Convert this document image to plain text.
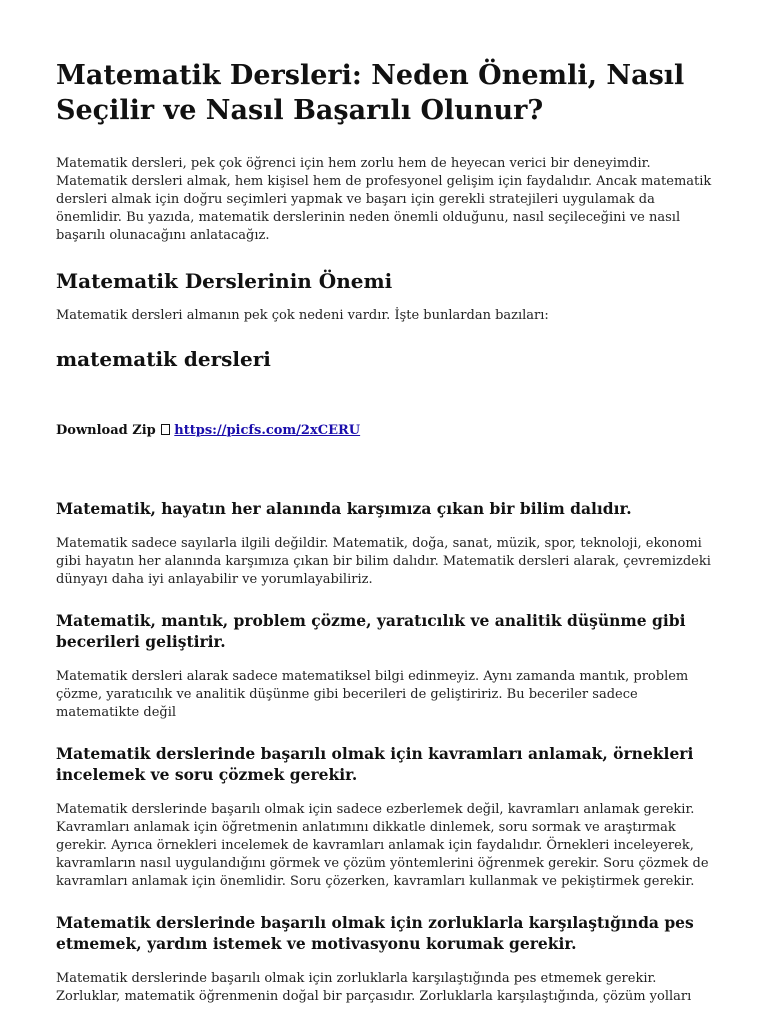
Matematik Dersleri: Neden Önemli, Nasıl Seçilir ve Nasıl Başarılı Olunur?

Matematik dersleri, pek çok öğrenci için hem zorlu hem de heyecan verici bir deneyimdir. Matematik dersleri almak, hem kişisel hem de profesyonel gelişim için faydalıdır. Ancak matematik dersleri almak için doğru seçimleri yapmak ve başarı için gerekli stratejileri uygulamak da önemlidir. Bu yazıda, matematik derslerinin neden önemli olduğunu, nasıl seçileceğini ve nasıl başarılı olunacağını anlatacağız.

Matematik Derslerinin Önemi

Matematik dersleri almanın pek çok nedeni vardır. İşte bunlardan bazıları:

matematik dersleri
Download Zip https://picfs.com/2xCERU
Matematik, hayatın her alanında karşımıza çıkan bir bilim dalıdır.

Matematik sadece sayılarla ilgili değildir. Matematik, doğa, sanat, müzik, spor, teknoloji, ekonomi gibi hayatın her alanında karşımıza çıkan bir bilim dalıdır. Matematik dersleri alarak, çevremizdeki dünyayı daha iyi anlayabilir ve yorumlayabiliriz.

Matematik, mantık, problem çözme, yaratıcılık ve analitik düşünme gibi becerileri geliştirir.

Matematik dersleri alarak sadece matematiksel bilgi edinmeyiz. Aynı zamanda mantık, problem çözme, yaratıcılık ve analitik düşünme gibi becerileri de geliştiririz. Bu beceriler sadece matematikte değil

Matematik derslerinde başarılı olmak için kavramları anlamak, örnekleri incelemek ve soru çözmek gerekir.

Matematik derslerinde başarılı olmak için sadece ezberlemek değil, kavramları anlamak gerekir. Kavramları anlamak için öğretmenin anlatımını dikkatle dinlemek, soru sormak ve araştırmak gerekir. Ayrıca örnekleri incelemek de kavramları anlamak için faydalıdır. Örnekleri inceleyerek, kavramların nasıl uygulandığını görmek ve çözüm yöntemlerini öğrenmek gerekir. Soru çözmek de kavramları anlamak için önemlidir. Soru çözerken, kavramları kullanmak ve pekiştirmek gerekir.

Matematik derslerinde başarılı olmak için zorluklarla karşılaştığında pes etmemek, yardım istemek ve motivasyonu korumak gerekir.

Matematik derslerinde başarılı olmak için zorluklarla karşılaştığında pes etmemek gerekir. Zorluklar, matematik öğrenmenin doğal bir parçasıdır. Zorluklarla karşılaştığında, çözüm yolları
